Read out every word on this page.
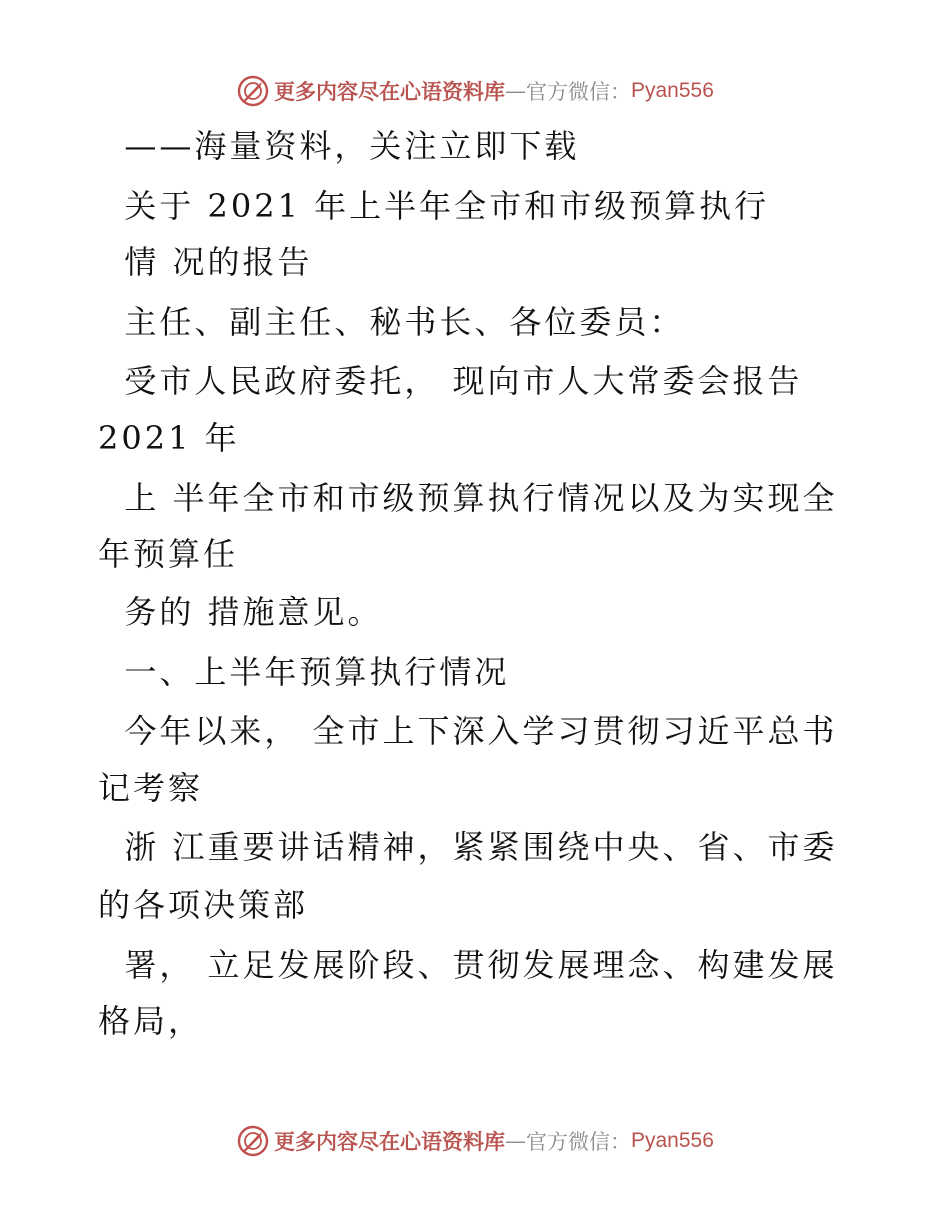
更多内容尽在心语资料库 — 官方微信： Pyan556
——海量资料，关注立即下载
关于 2021 年上半年全市和市级预算执行
情 况的报告
主任、副主任、秘书长、各位委员：
受市人民政府委托， 现向市人大常委会报告
2021 年
上 半年全市和市级预算执行情况以及为实现全
年预算任
务的 措施意见。
一、上半年预算执行情况
今年以来， 全市上下深入学习贯彻习近平总书
记考察
浙 江重要讲话精神，紧紧围绕中央、省、市委
的各项决策部
署， 立足发展阶段、贯彻发展理念、构建发展
格局，
更多内容尽在心语资料库 — 官方微信： Pyan556
